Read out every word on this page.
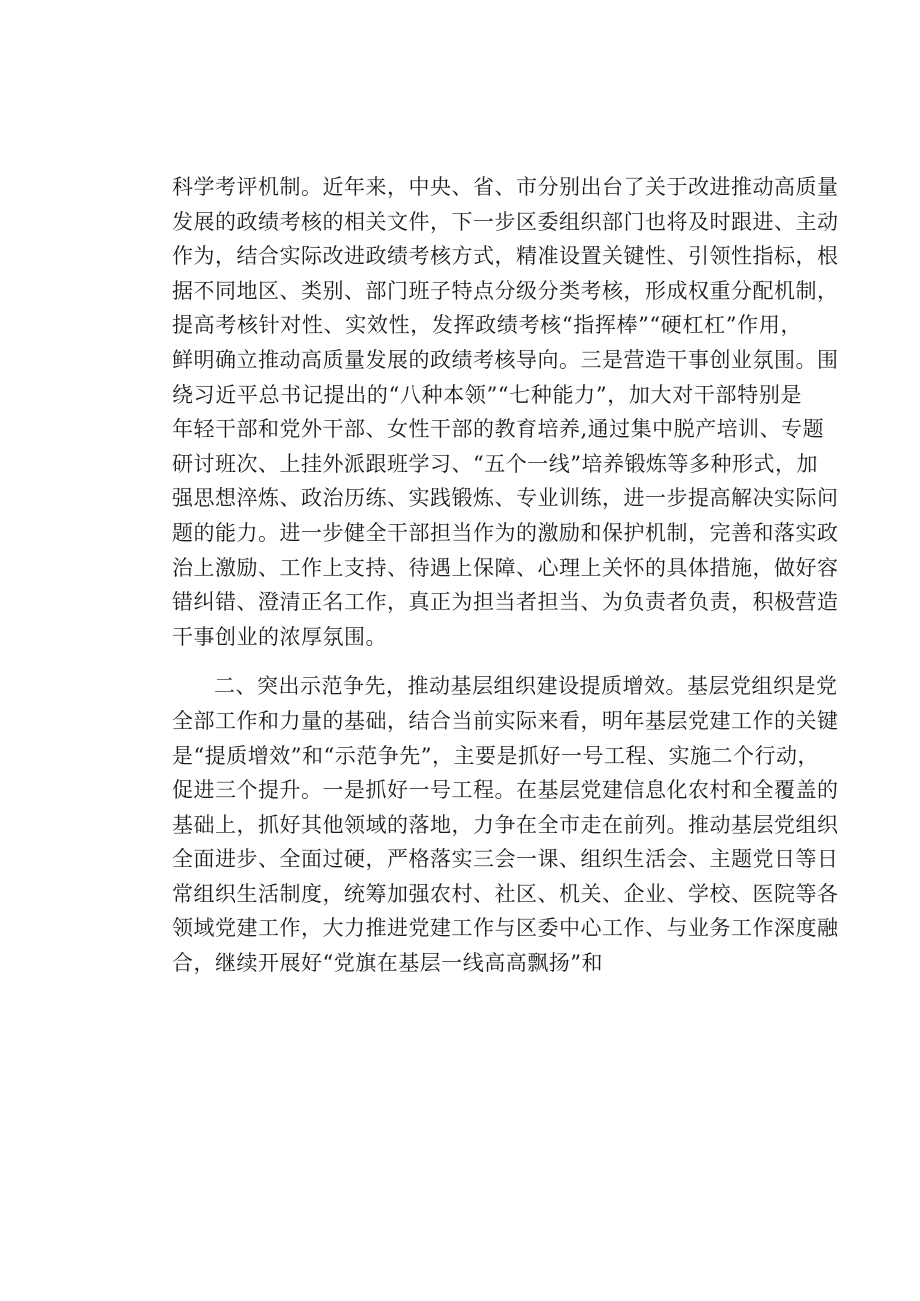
科学考评机制。近年来，中央、省、市分别出台了关于改进推动高质量
发展的政绩考核的相关文件，下一步区委组织部门也将及时跟进、主动
作为，结合实际改进政绩考核方式，精准设置关键性、引领性指标，根
据不同地区、类别、部门班子特点分级分类考核，形成权重分配机制，
提高考核针对性、实效性，发挥政绩考核“指挥棒”“硬杠杠”作用，
鲜明确立推动高质量发展的政绩考核导向。三是营造干事创业氛围。围
绕习近平总书记提出的“八种本领”“七种能力”，加大对干部特别是
年轻干部和党外干部、女性干部的教育培养,通过集中脱产培训、专题
研讨班次、上挂外派跟班学习、“五个一线”培养锻炼等多种形式，加
强思想淬炼、政治历练、实践锻炼、专业训练，进一步提高解决实际问
题的能力。进一步健全干部担当作为的激励和保护机制，完善和落实政
治上激励、工作上支持、待遇上保障、心理上关怀的具体措施，做好容
错纠错、澄清正名工作，真正为担当者担当、为负责者负责，积极营造
干事创业的浓厚氛围。
二、突出示范争先，推动基层组织建设提质增效。基层党组织是党
全部工作和力量的基础，结合当前实际来看，明年基层党建工作的关键
是“提质增效”和“示范争先”，主要是抓好一号工程、实施二个行动，
促进三个提升。一是抓好一号工程。在基层党建信息化农村和全覆盖的
基础上，抓好其他领域的落地，力争在全市走在前列。推动基层党组织
全面进步、全面过硬，严格落实三会一课、组织生活会、主题党日等日
常组织生活制度，统筹加强农村、社区、机关、企业、学校、医院等各
领域党建工作，大力推进党建工作与区委中心工作、与业务工作深度融
合，继续开展好“党旗在基层一线高高飘扬”和
